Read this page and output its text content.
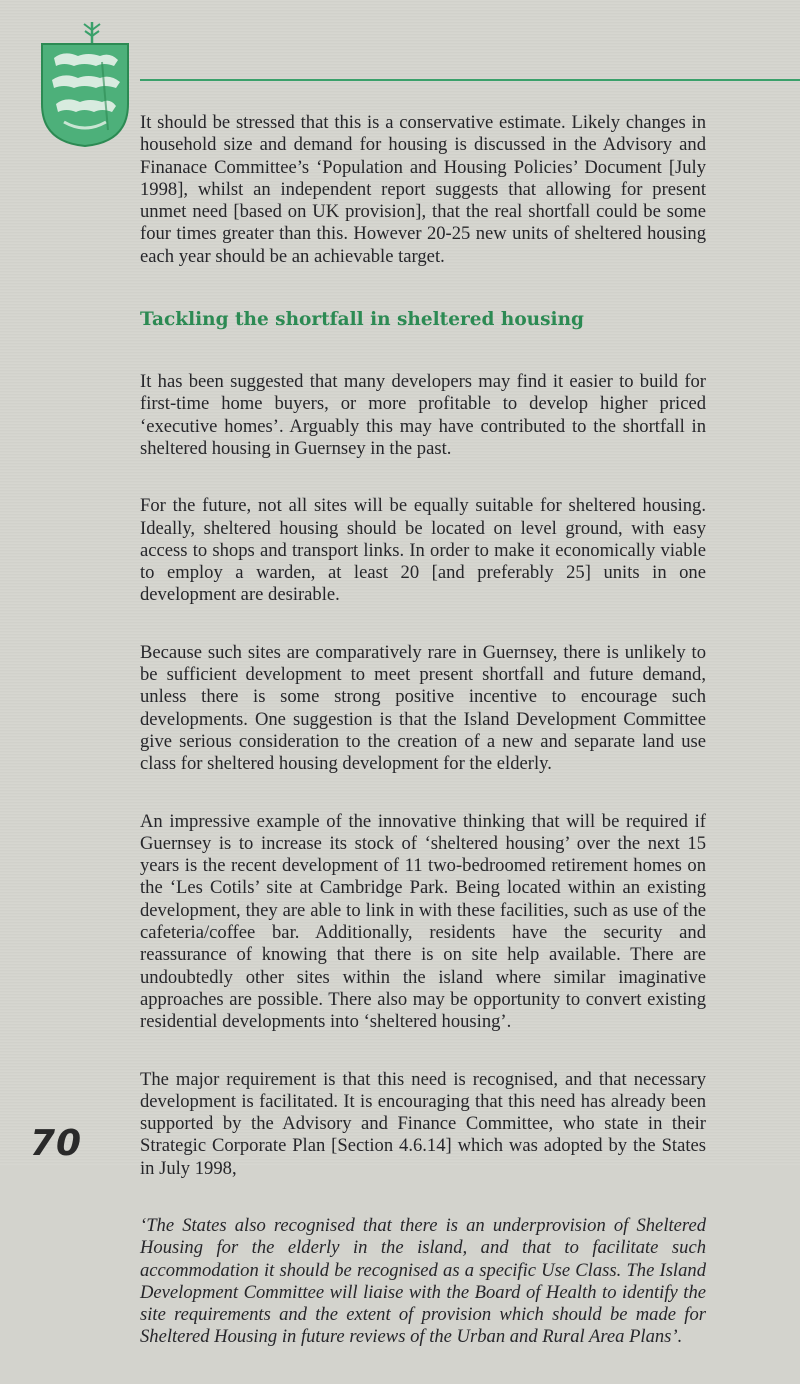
It should be stressed that this is a conservative estimate. Likely changes in household size and demand for housing is discussed in the Advisory and Finanace Committee’s ‘Population and Housing Policies’ Document [July 1998], whilst an independent report suggests that allowing for present unmet need [based on UK provision], that the real shortfall could be some four times greater than this. However 20-25 new units of sheltered housing each year should be an achievable target.

Tackling the shortfall in sheltered housing

It has been suggested that many developers may find it easier to build for first-time home buyers, or more profitable to develop higher priced ‘executive homes’. Arguably this may have contributed to the shortfall in sheltered housing in Guernsey in the past.

For the future, not all sites will be equally suitable for sheltered housing. Ideally, sheltered housing should be located on level ground, with easy access to shops and transport links. In order to make it economically viable to employ a warden, at least 20 [and preferably 25] units in one development are desirable.

Because such sites are comparatively rare in Guernsey, there is unlikely to be sufficient development to meet present shortfall and future demand, unless there is some strong positive incentive to encourage such developments. One suggestion is that the Island Development Committee give serious consideration to the creation of a new and separate land use class for sheltered housing development for the elderly.

An impressive example of the innovative thinking that will be required if Guernsey is to increase its stock of ‘sheltered housing’ over the next 15 years is the recent development of 11 two-bedroomed retirement homes on the ‘Les Cotils’ site at Cambridge Park. Being located within an existing development, they are able to link in with these facilities, such as use of the cafeteria/coffee bar. Additionally, residents have the security and reassurance of knowing that there is on site help available. There are undoubtedly other sites within the island where similar imaginative approaches are possible. There also may be opportunity to convert existing residential developments into ‘sheltered housing’.

The major requirement is that this need is recognised, and that necessary development is facilitated. It is encouraging that this need has already been supported by the Advisory and Finance Committee, who state in their Strategic Corporate Plan [Section 4.6.14] which was adopted by the States in July 1998,

‘The States also recognised that there is an underprovision of Sheltered Housing for the elderly in the island, and that to facilitate such accommodation it should be recognised as a specific Use Class. The Island Development Committee will liaise with the Board of Health to identify the site requirements and the extent of provision which should be made for Sheltered Housing in future reviews of the Urban and Rural Area Plans’.

70
